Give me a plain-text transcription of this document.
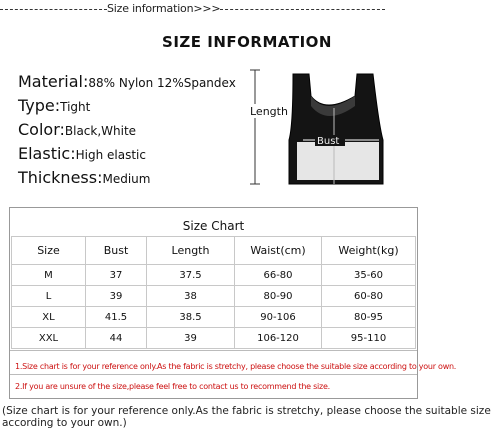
Size information>>>
SIZE INFORMATION
Material:88% Nylon 12%Spandex
Type:Tight
Color:Black,White
Elastic:High elastic
Thickness:Medium
Length
Bust
Size Chart
Size	Bust	Length	Waist(cm)	Weight(kg)
M	37	37.5	66-80	35-60
L	39	38	80-90	60-80
XL	41.5	38.5	90-106	80-95
XXL	44	39	106-120	95-110
1.Size chart is for your reference only.As the fabric is stretchy, please choose the suitable size according to your own.
2.If you are unsure of the size,please feel free to contact us to recommend the size.
(Size chart is for your reference only.As the fabric is stretchy, please choose the suitable size according to your own.)
